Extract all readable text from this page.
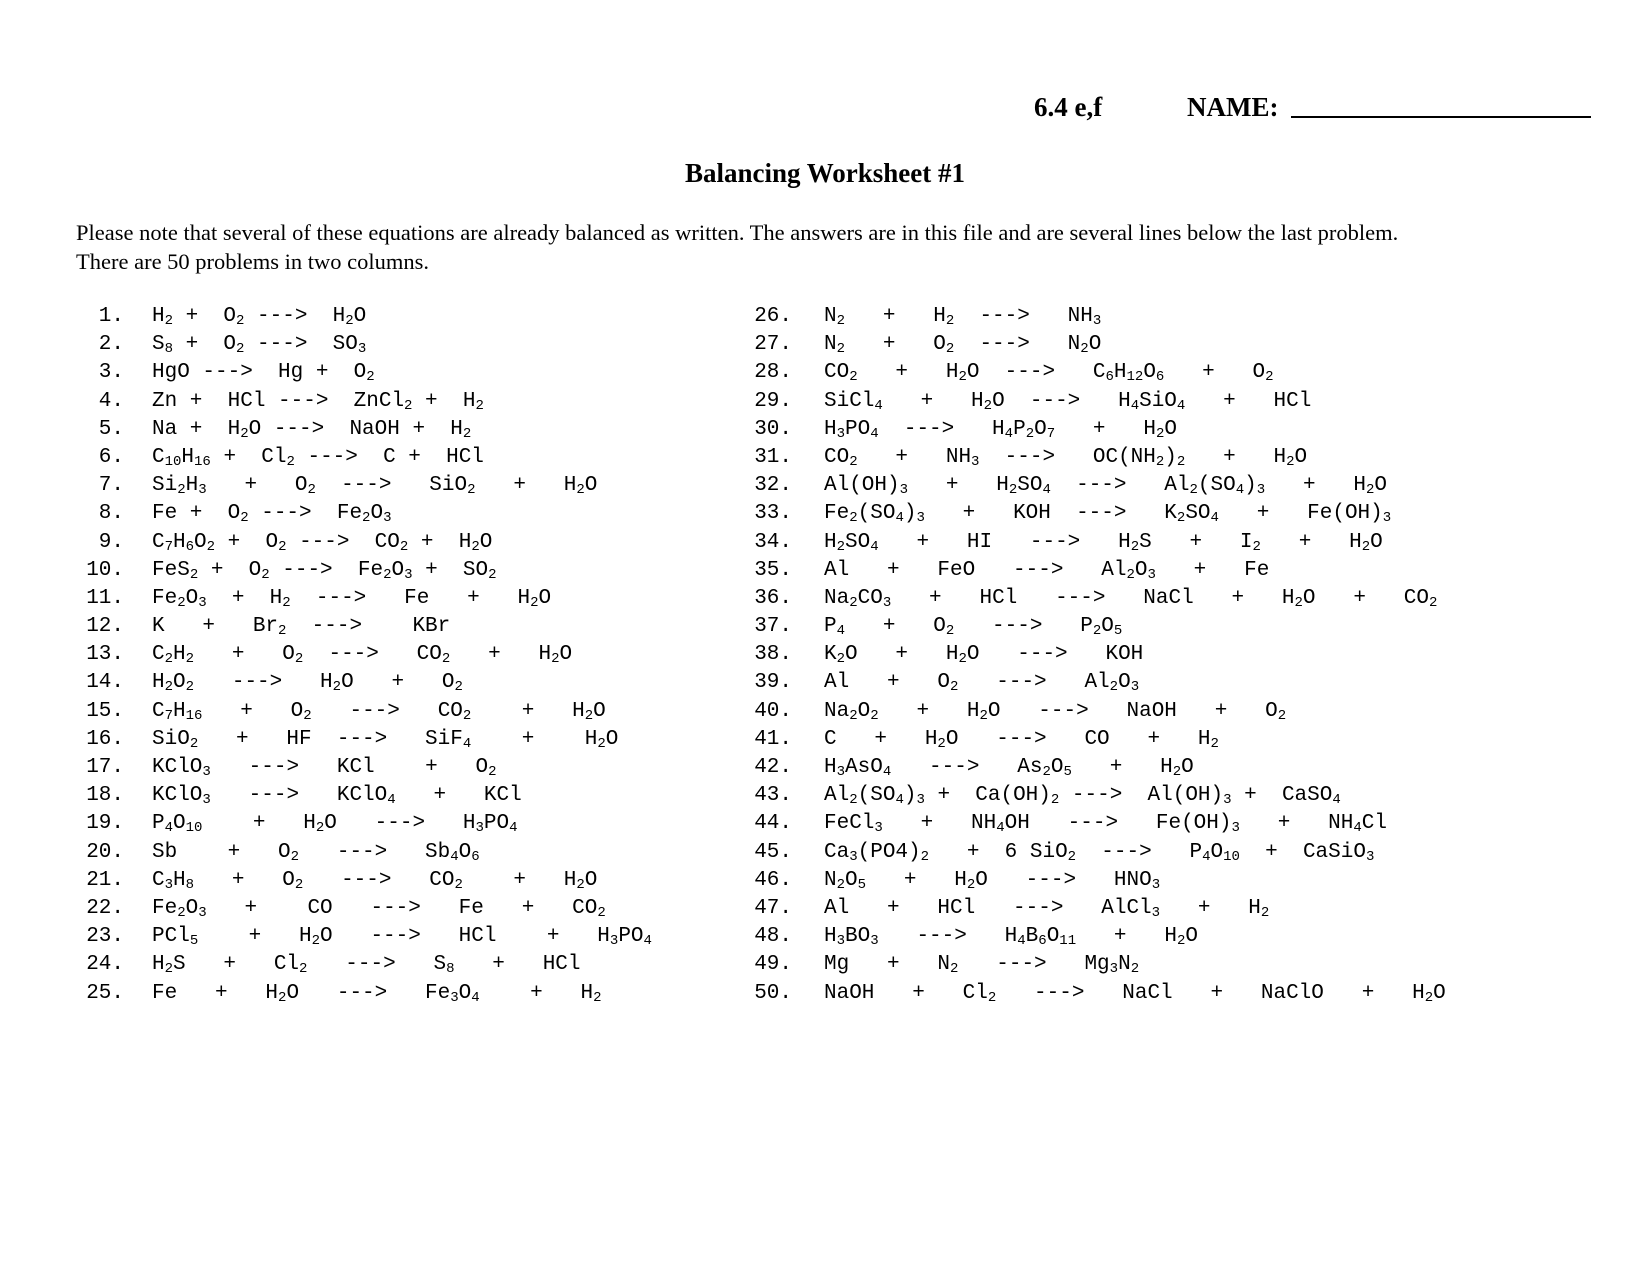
6.4 e,f	NAME:
Balancing Worksheet #1
Please note that several of these equations are already balanced as written. The answers are in this file and are several lines below the last problem.
There are 50 problems in two columns.
1. $H_2 + O_2$ --->  $H_2O$
2. $S_8 + O_2$ --->  $SO_3$
3. HgO --->  $Hg + O_2$
4. Zn +  HCl --->  ZnCl$_2$ +  $H_2$
5. $Na + H_2O$ --->  NaOH +  $H_2$
6. $C_{10}H_{16} + Cl_2$ --->  C +  HCl
7. $Si_2H_3 + O_2$  --->   $SiO_2 + H_2O$
8. $Fe + O_2$ --->  $Fe_2O_3$
9. $C_7H_6O_2 + O_2$ --->  $CO_2 + H_2O$
10. $FeS_2 + O_2$ --->  $Fe_2O_3 + SO_2$
11. $Fe_2O_3 + H_2$  --->   $Fe + H_2O$
12. $K + Br_2$  --->    KBr
13. $C_2H_2 + O_2$  --->   $CO_2 + H_2O$
14. $H_2O_2$   --->   $H_2O + O_2$
15. $C_7H_{16} + O_2$   --->   $CO_2$    +   $H_2O$
16. SiO$_2$   +   HF  --->   SiF$_4$    +    $H_2O$
17. KClO$_3$   --->   KCl    +   $O_2$
18. KClO$_3$   --->   KClO$_4$   +   KCl
19. $P_4O_{10}$    +   $H_2O$   --->   $H_3PO_4$
20. Sb    +   $O_2$   --->   $Sb_4O_6$
21. $C_3H_8 + O_2$   --->   $CO_2$    +   $H_2O$
22. $Fe_2O_3$   +    CO   --->   $Fe + CO_2$
23. PCl$_5$    +   $H_2O$   --->   HCl    +   $H_3PO_4$
24. $H_2S + Cl_2$   --->   $S_8$   +   HCl
25. $Fe + H_2O$   --->   $Fe_3O_4$    +   $H_2$
26. $N_2 + H_2$  --->   $NH_3$
27. $N_2 + O_2$  --->   $N_2O$
28. $CO_2 + H_2O$  --->   $C_6H_{12}O_6 + O_2$
29. SiCl$_4$   +   $H_2O$  --->   $H_4SiO_4$   +   HCl
30. $H_3PO_4$  --->   $H_4P_2O_7 + H_2O$
31. $CO_2 + NH_3$  --->   $OC(NH_2)_2 + H_2O$
32. $Al(OH)_3 + H_2SO_4$  --->   $Al_2(SO_4)_3 + H_2O$
33. $Fe_2(SO_4)_3$   +   KOH  --->   $K_2SO_4 + Fe(OH)_3$
34. $H_2SO_4$   +   HI   --->   $H_2S + I_2 + H_2O$
35. Al   +   FeO   --->   $Al_2O_3 + Fe$
36. $Na_2CO_3$   +   HCl   --->   NaCl   +   $H_2O + CO_2$
37. $P_4 + O_2$   --->   $P_2O_5$
38. $K_2O + H_2O$   --->   KOH
39. $Al + O_2$   --->   $Al_2O_3$
40. $Na_2O_2 + H_2O$   --->   NaOH   +   $O_2$
41. $C + H_2O$   --->   CO   +   $H_2$
42. $H_3AsO_4$   --->   $As_2O_5 + H_2O$
43. $Al_2(SO_4)_3 + Ca(OH)_2$ --->  $Al(OH)_3$ +  CaSO$_4$
44. FeCl$_3$   +   $NH_4OH$   --->   $Fe(OH)_3 + NH_4Cl$
45. $Ca_3(PO4)_2 + 6$ SiO$_2$  --->   $P_4O_{10}$  +  CaSiO$_3$
46. $N_2O_5 + H_2O$   --->   $HNO_3$
47. Al   +   HCl   --->   AlCl$_3$   +   $H_2$
48. $H_3BO_3$   --->   $H_4B_6O_{11} + H_2O$
49. $Mg + N_2$   --->   $Mg_3N_2$
50. NaOH   +   $Cl_2$   --->   NaCl   +   NaClO   +   $H_2O$
